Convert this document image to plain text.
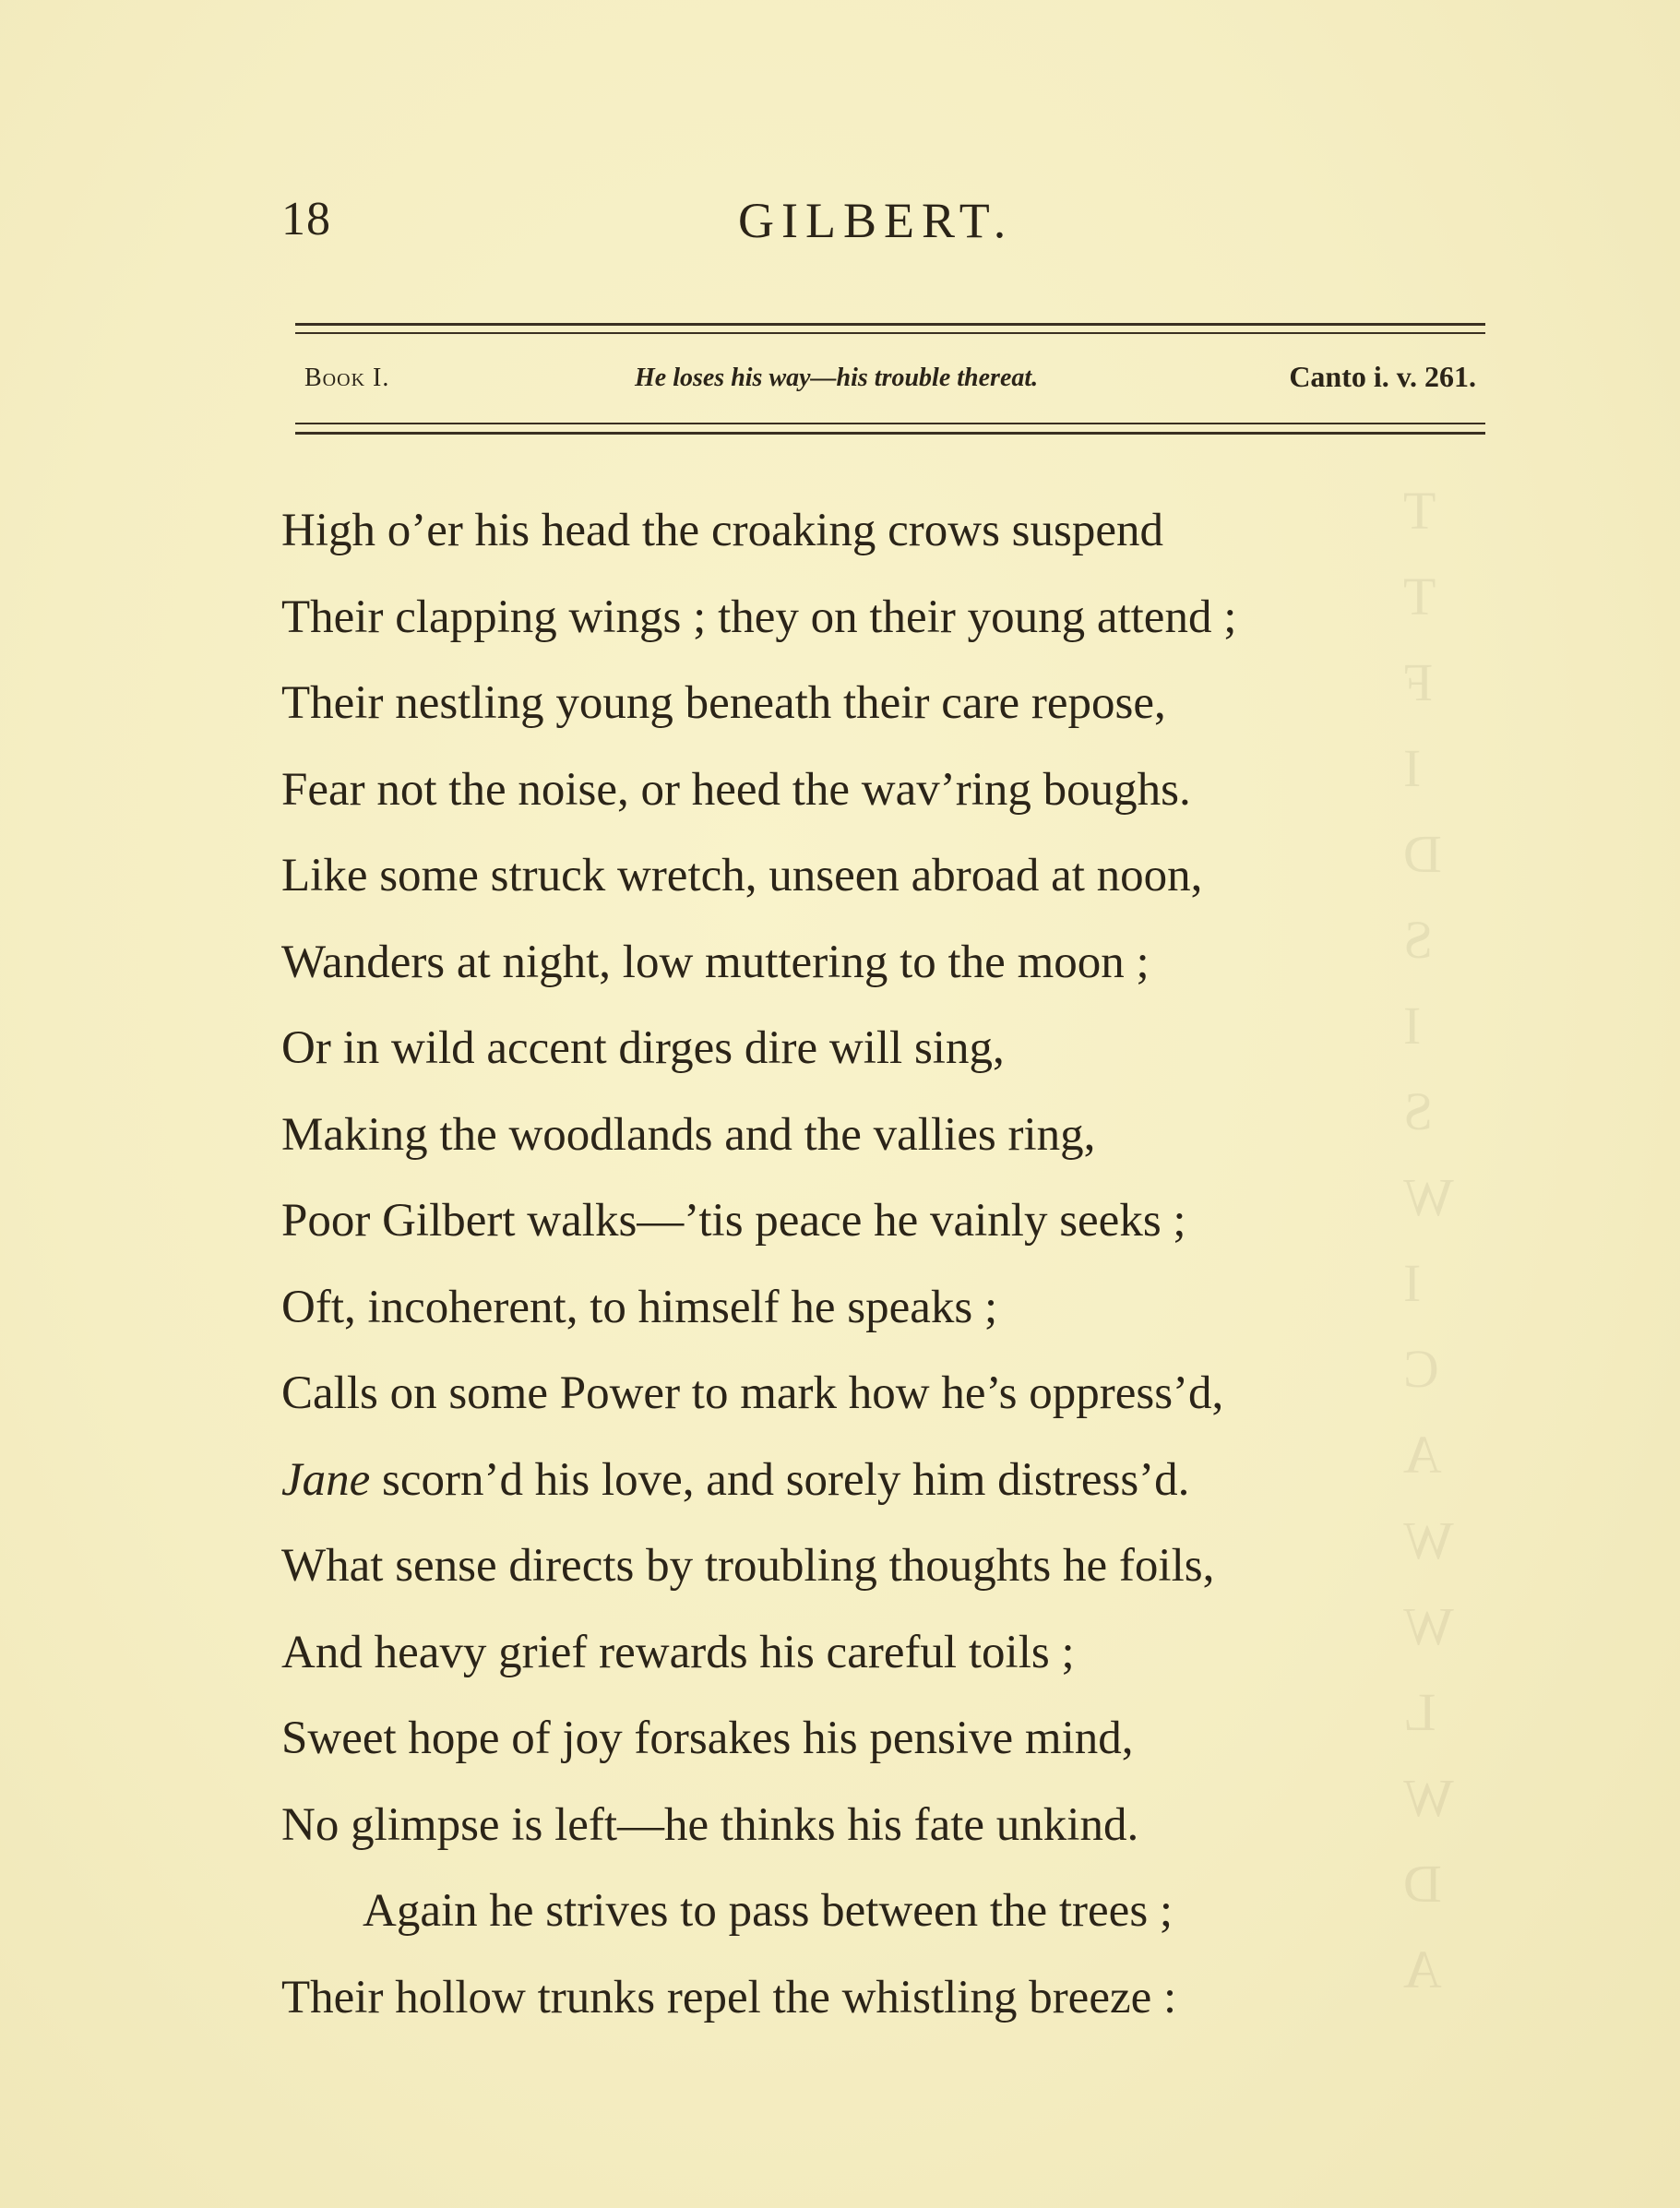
T
T
F
I
D
S
I
S
W
I
C
A
W
W
L
W
D
A
18	GILBERT.
Book I.	He loses his way—his trouble thereat.	Canto i. v. 261.
High o’er his head the croaking crows suspend
Their clapping wings ; they on their young attend ;
Their nestling young beneath their care repose,
Fear not the noise, or heed the wav’ring boughs.
Like some struck wretch, unseen abroad at noon,
Wanders at night, low muttering to the moon ;
Or in wild accent dirges dire will sing,
Making the woodlands and the vallies ring,
Poor Gilbert walks—’tis peace he vainly seeks ;
Oft, incoherent, to himself he speaks ;
Calls on some Power to mark how he’s oppress’d,
Jane scorn’d his love, and sorely him distress’d.
What sense directs by troubling thoughts he foils,
And heavy grief rewards his careful toils ;
Sweet hope of joy forsakes his pensive mind,
No glimpse is left—he thinks his fate unkind.
Again he strives to pass between the trees ;
Their hollow trunks repel the whistling breeze :
